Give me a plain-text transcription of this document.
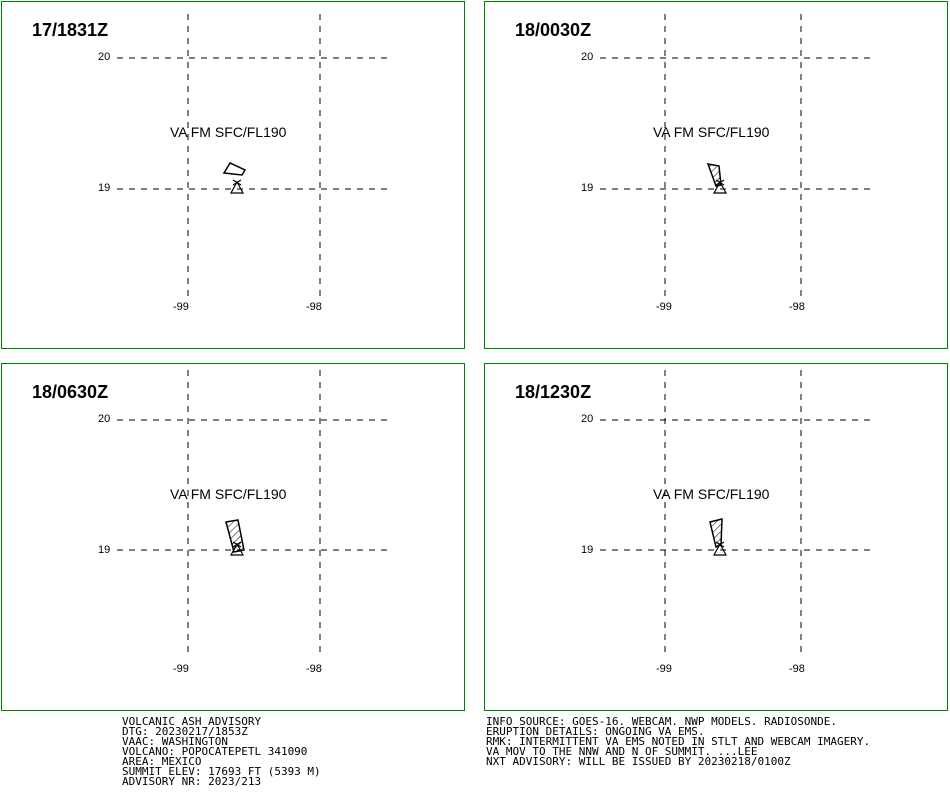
17/1831Z
VA FM SFC/FL190
20
19
-99	-98
18/0030Z
VA FM SFC/FL190
20
19
-99	-98
18/0630Z
VA FM SFC/FL190
20
19
-99	-98
18/1230Z
VA FM SFC/FL190
20
19
-99	-98
VOLCANIC ASH ADVISORY
DTG: 20230217/1853Z
VAAC: WASHINGTON
VOLCANO: POPOCATEPETL 341090
AREA: MEXICO
SUMMIT ELEV: 17693 FT (5393 M)
ADVISORY NR: 2023/213
INFO SOURCE: GOES-16. WEBCAM. NWP MODELS. RADIOSONDE.
ERUPTION DETAILS: ONGOING VA EMS.
RMK: INTERMITTENT VA EMS NOTED IN STLT AND WEBCAM IMAGERY.
VA MOV TO THE NNW AND N OF SUMMIT. ...LEE
NXT ADVISORY: WILL BE ISSUED BY 20230218/0100Z
